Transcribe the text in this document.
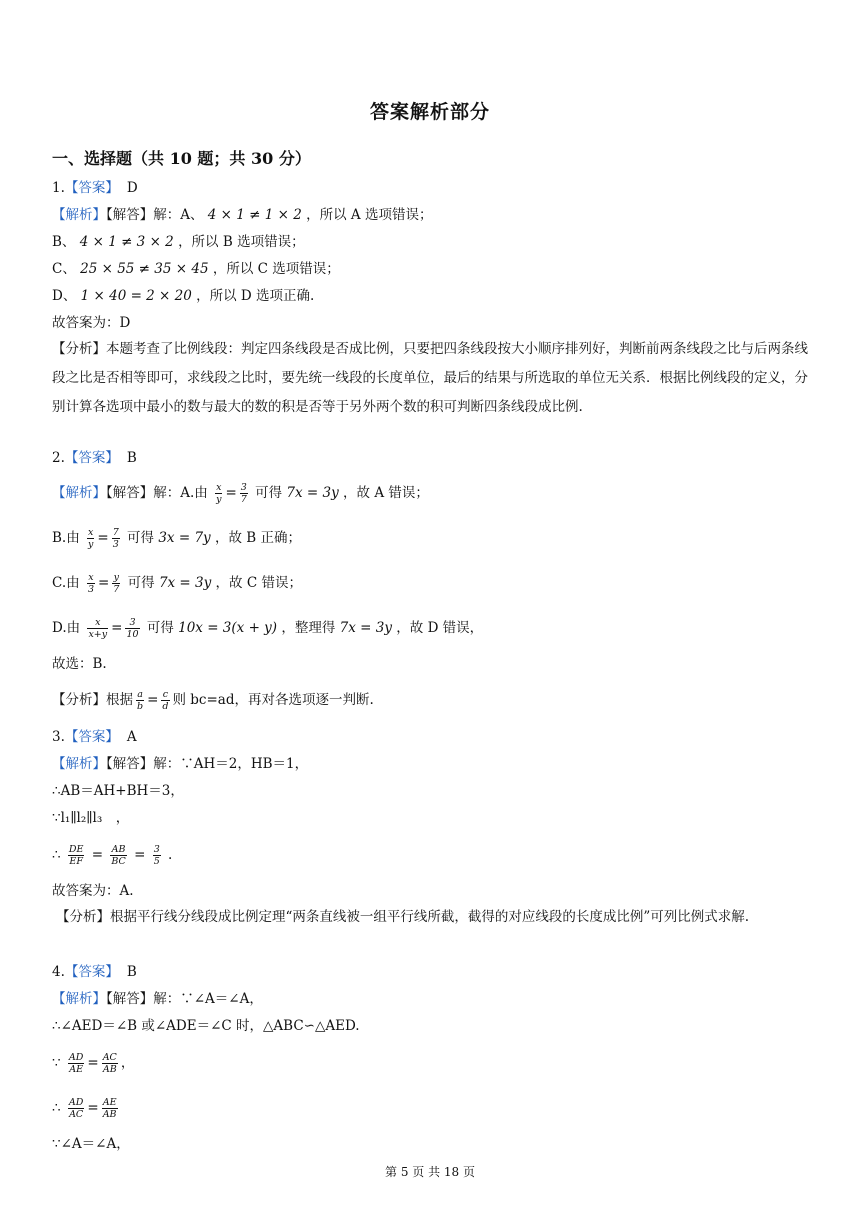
答案解析部分
一、选择题（共 10 题；共 30 分）
1.【答案】 D
【解析】【解答】解：A、 4 × 1 ≠ 1 × 2 ，所以 A 选项错误；
B、 4 × 1 ≠ 3 × 2 ，所以 B 选项错误；
C、 25 × 55 ≠ 35 × 45 ，所以 C 选项错误；
D、 1 × 40 = 2 × 20 ，所以 D 选项正确.
故答案为：D
【分析】本题考查了比例线段：判定四条线段是否成比例，只要把四条线段按大小顺序排列好，判断前两条线段之比与后两条线段之比是否相等即可，求线段之比时，要先统一线段的长度单位，最后的结果与所选取的单位无关系．根据比例线段的定义，分别计算各选项中最小的数与最大的数的积是否等于另外两个数的积可判断四条线段成比例.
2.【答案】 B
【解析】【解答】解：A.由 $\frac{x}{y} = \frac{3}{7}$ 可得 7x = 3y ，故 A 错误；
B.由 $\frac{x}{y} = \frac{7}{3}$ 可得 3x = 7y ，故 B 正确；
C.由 $\frac{x}{3} = \frac{y}{7}$ 可得 7x = 3y ，故 C 错误；
D.由 $\frac{x}{x+y} = \frac{3}{10}$ 可得 10x = 3(x + y) ，整理得 7x = 3y ，故 D 错误，
故选：B.
【分析】根据 $\frac{a}{b} = \frac{c}{d}$ 则 bc=ad，再对各选项逐一判断.
3.【答案】 A
【解析】【解答】解：∵AH＝2，HB＝1，
∴AB＝AH+BH＝3，
∵l₁∥l₂∥l₃　，
∴ $\frac{DE}{EF} = \frac{AB}{BC} = \frac{3}{5}$ .
故答案为：A.
【分析】根据平行线分线段成比例定理“两条直线被一组平行线所截，截得的对应线段的长度成比例”可列比例式求解.
4.【答案】 B
【解析】【解答】解：∵∠A＝∠A，
∴∠AED＝∠B 或∠ADE＝∠C 时，△ABC∽△AED.
∵ $\frac{AD}{AE} = \frac{AC}{AB}$ ，
∴ $\frac{AD}{AC} = \frac{AE}{AB}$
∵∠A＝∠A，
第 5 页 共 18 页
